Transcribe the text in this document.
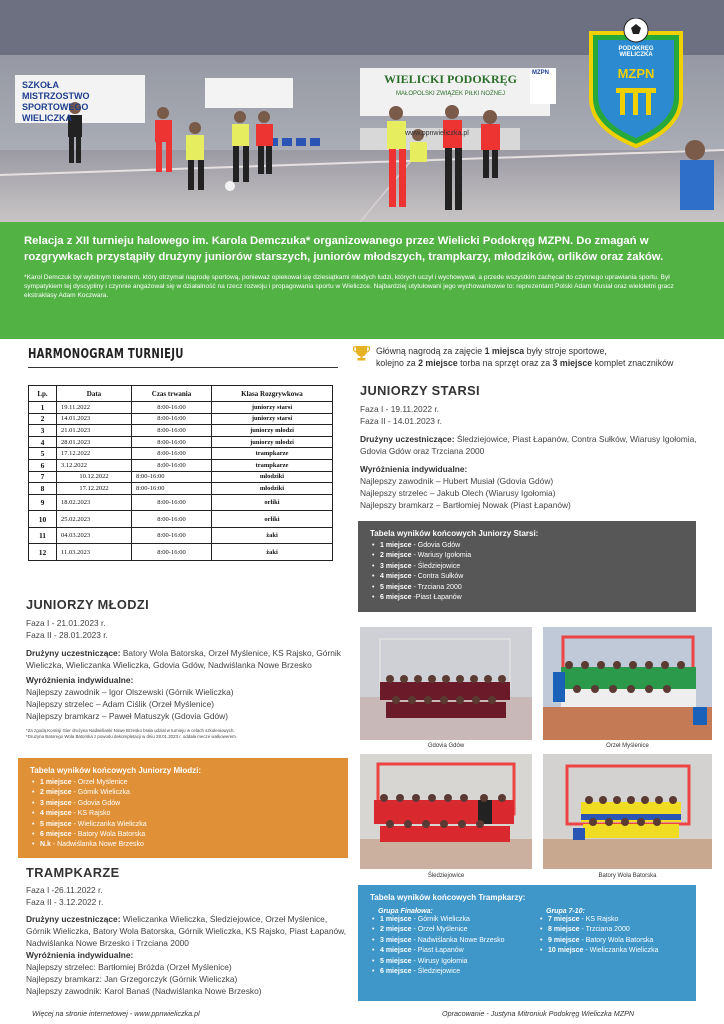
SZKOŁA
MISTRZOSTWO SPORTOWEGO
WIELICZKA
WIELICKI PODOKRĘG
MAŁOPOLSKI ZWIĄZEK PIŁKI NOŻNEJ
MZPN
www.ppnwieliczka.pl
PODOKRĘG WIELICZKA
MZPN
Relacja z XII turnieju halowego im. Karola Demczuka* organizowanego przez Wielicki Podokręg MZPN. Do zmagań w rozgrywkach przystąpiły drużyny juniorów starszych, juniorów młodszych, trampkarzy, młodzików, orlików oraz żaków.
*Karol Demczuk był wybitnym trenerem, który otrzymał nagrodę sportową, ponieważ opiekował się dziesiątkami młodych ludzi, których uczył i wychowywał, a przede wszystkim zachęcał do czynnego uprawiania sportu. Był sympatykiem tej dyscypliny i czynnie angażował się w działalność na rzecz rozwoju i propagowania sportu w Wieliczce. Najbardziej utytułowani jego wychowankowie to: reprezentant Polski Adam Musiał oraz wieloletni gracz ekstraklasy Adam Koczwara.
HARMONOGRAM TURNIEJU
Lp.	Data	Czas trwania	Klasa Rozgrywkowa
1	19.11.2022	8:00-16:00	juniorzy starsi
2	14.01.2023	8:00-16:00	juniorzy starsi
3	21.01.2023	8:00-16:00	juniorzy młodzi
4	28.01.2023	8:00-16:00	juniorzy młodzi
5	17.12.2022	8:00-16:00	trampkarze
6	3.12.2022	8:00-16:00	trampkarze
7	10.12.2022	8:00-16:00	młodziki
8	17.12.2022	8:00-16:00	młodziki
9	18.02.2023	8:00-16:00	orliki
10	25.02.2023	8:00-16:00	orliki
11	04.03.2023	8:00-16:00	żaki
12	11.03.2023	8:00-16:00	żaki
Główną nagrodą za zajęcie 1 miejsca były stroje sportowe,
kolejno za 2 miejsce torba na sprzęt oraz za 3 miejsce komplet znaczników
JUNIORZY STARSI
Faza I - 19.11.2022 r.
Faza II - 14.01.2023 r.
Drużyny uczestniczące: Śledziejowice, Piast Łapanów, Contra Sułków, Wiarusy Igołomia, Gdovia Gdów oraz Trzciana 2000
Wyróżnienia indywidualne:
Najlepszy zawodnik – Hubert Musiał (Gdovia Gdów)
Najlepszy strzelec – Jakub Olech (Wiarusy Igołomia)
Najlepszy bramkarz – Bartłomiej Nowak (Piast Łapanów)
Tabela wyników końcowych Juniorzy Starsi:
• 1 miejsce - Gdovia Gdów
• 2 miejsce - Wariusy Igołomia
• 3 miejsce - Śledziejowice
• 4 miejsce - Contra Sułków
• 5 miejsce - Trzciana 2000
• 6 miejsce -Piast Łapanów
JUNIORZY MŁODZI
Faza I - 21.01.2023 r.
Faza II - 28.01.2023 r.
Drużyny uczestniczące: Batory Wola Batorska, Orzeł Myślenice, KS Rajsko, Górnik Wieliczka, Wieliczanka Wieliczka, Gdovia Gdów, Nadwiślanka Nowe Brzesko
Wyróżnienia indywidualne:
Najlepszy zawodnik – Igor Olszewski (Górnik Wieliczka)
Najlepszy strzelec – Adam Ciślik (Orzeł Myślenice)
Najlepszy bramkarz – Paweł Matuszyk (Gdovia Gdów)
*Za zgodą Komisji Gier drużyna Nadwiślanki Nowe Brzesko brała udział w turnieju w celach szkoleniowych.
*Drużyna Batorego Wola Batorska z powodu dekompletacji w dniu 28.01.2023 r. oddała mecze walkowerem.
Tabela wyników końcowych Juniorzy Młodzi:
• 1 miejsce - Orzeł Myślenice
• 2 miejsce - Górnik Wieliczka
• 3 miejsce - Gdovia Gdów
• 4 miejsce - KS Rajsko
• 5 miejsce - Wieliczanka Wieliczka
• 6 miejsce - Batory Wola Batorska
• N.k - Nadwiślanka Nowe Brzesko
TRAMPKARZE
Faza I -26.11.2022 r.
Faza II - 3.12.2022 r.
Drużyny uczestniczące: Wieliczanka Wieliczka, Śledziejowice, Orzeł Myślenice, Górnik Wieliczka, Batory Wola Batorska, Górnik Wieliczka, KS Rajsko, Piast Łapanów, Nadwiślanka Nowe Brzesko i Trzciana 2000
Wyróżnienia indywidualne:
Najlepszy strzelec: Bartłomiej Bróżda (Orzeł Myślenice)
Najlepszy bramkarz: Jan Grzegorczyk (Górnik Wieliczka)
Najlepszy zawodnik: Karol Banaś (Nadwiślanka Nowe Brzesko)
Tabela wyników końcowych Trampkarzy:
Grupa Finałowa:
• 1 miejsce - Górnik Wieliczka
• 2 miejsce - Orzeł Myślenice
• 3 miejsce - Nadwiślanka Nowe Brzesko
• 4 miejsce - Piast Łapanów
• 5 miejsce - Wirusy Igołomia
• 6 miejsce - Śledziejowice
Grupa 7-10:
• 7 miejsce - KS Rajsko
• 8 miejsce - Trzciana 2000
• 9 miejsce - Batory Wola Batorska
• 10 miejsce - Wieliczanka Wieliczka
Gdovia Gdów	Orzeł Myślenice
Śledziejowice	Batory Wola Batorska
Więcej na stronie internetowej - www.ppnwieliczka.pl	Opracowanie - Justyna Mitroniuk Podokręg Wieliczka MZPN
